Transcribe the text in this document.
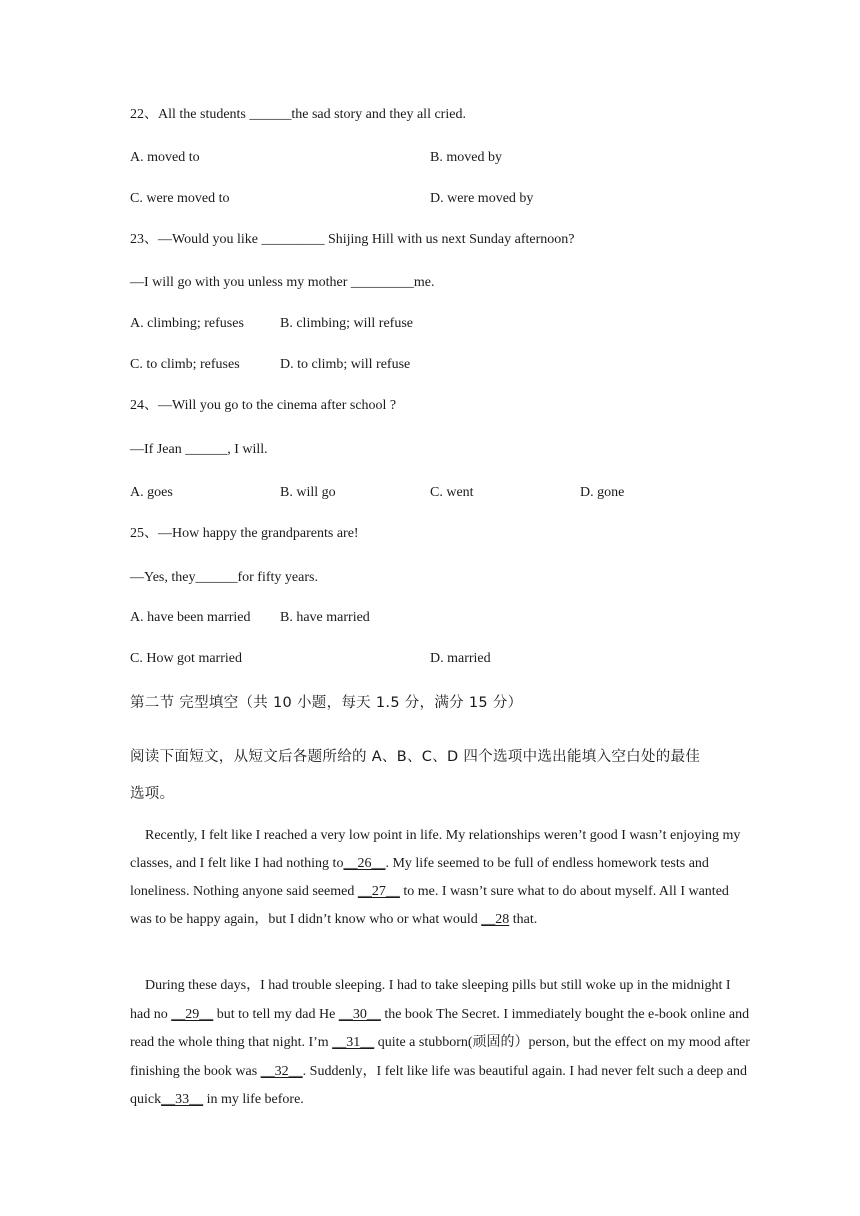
22、All the students ______the sad story and they all cried.
A. moved to	B. moved by
C. were moved to	D. were moved by
23、—Would you like _________ Shijing Hill with us next Sunday afternoon?
—I will go with you unless my mother _________me.
A. climbing; refuses	B. climbing; will refuse
C. to climb; refuses	D. to climb; will refuse
24、—Will you go to the cinema after school ?
—If Jean ______, I will.
A. goes	B. will go	C. went	D. gone
25、—How happy the grandparents are!
—Yes, they______for fifty years.
A. have been married B. have married
C. How got married	D. married
第二节 完型填空（共 10 小题，每天 1.5 分，满分 15 分）
阅读下面短文，从短文后各题所给的 A、B、C、D 四个选项中选出能填入空白处的最佳
选项。

Recently, I felt like I reached a very low point in life. My relationships weren’t good I wasn’t enjoying my classes, and I felt like I had nothing to__26__. My life seemed to be full of endless homework tests and loneliness. Nothing anyone said seemed __27__ to me. I wasn’t sure what to do about myself. All I wanted was to be happy again，but I didn’t know who or what would __28 that.

During these days，I had trouble sleeping. I had to take sleeping pills but still woke up in the midnight I had no __29__ but to tell my dad He __30__ the book The Secret. I immediately bought the e-book online and read the whole thing that night. I’m __31__ quite a stubborn(顽固的）person, but the effect on my mood after finishing the book was __32__. Suddenly，I felt like life was beautiful again. I had never felt such a deep and quick__33__ in my life before.
